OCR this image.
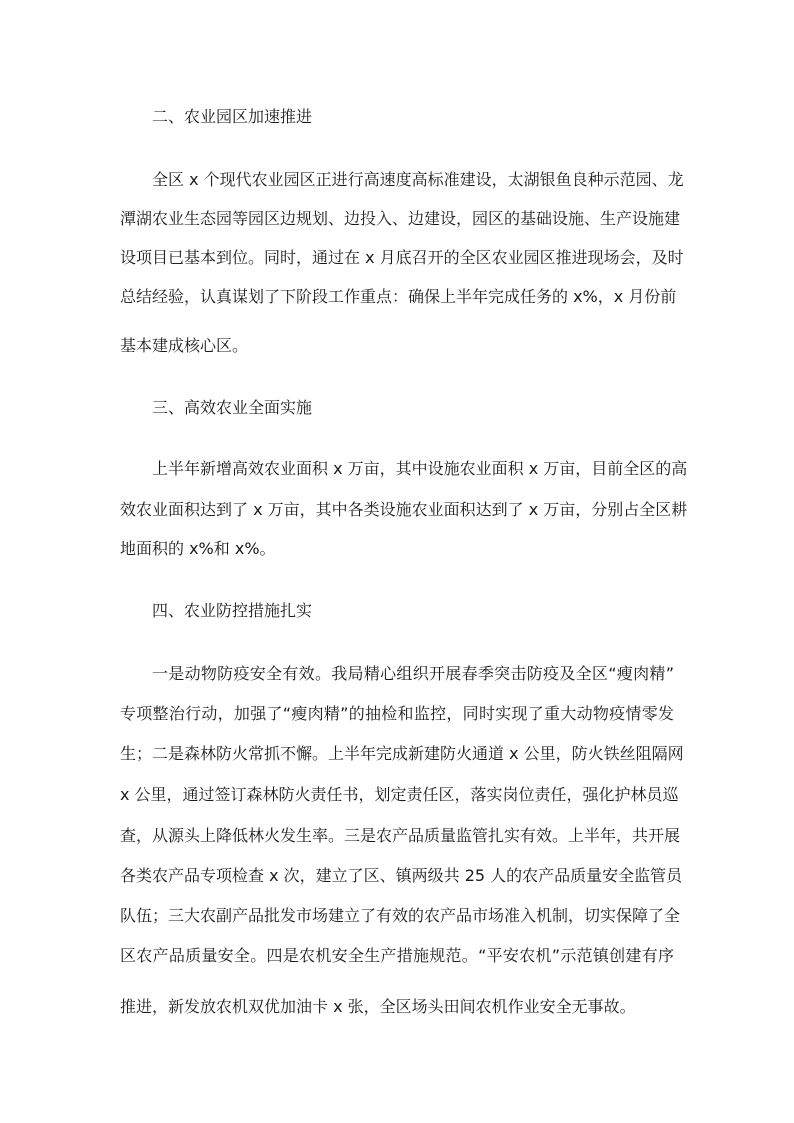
二、农业园区加速推进
全区 x 个现代农业园区正进行高速度高标准建设，太湖银鱼良种示范园、龙
潭湖农业生态园等园区边规划、边投入、边建设，园区的基础设施、生产设施建
设项目已基本到位。同时，通过在 x 月底召开的全区农业园区推进现场会，及时
总结经验，认真谋划了下阶段工作重点：确保上半年完成任务的 x%，x 月份前
基本建成核心区。
三、高效农业全面实施
上半年新增高效农业面积 x 万亩，其中设施农业面积 x 万亩，目前全区的高
效农业面积达到了 x 万亩，其中各类设施农业面积达到了 x 万亩，分别占全区耕
地面积的 x%和 x%。
四、农业防控措施扎实
一是动物防疫安全有效。我局精心组织开展春季突击防疫及全区“瘦肉精”
专项整治行动，加强了“瘦肉精”的抽检和监控，同时实现了重大动物疫情零发
生；二是森林防火常抓不懈。上半年完成新建防火通道 x 公里，防火铁丝阻隔网
x 公里，通过签订森林防火责任书，划定责任区，落实岗位责任，强化护林员巡
查，从源头上降低林火发生率。三是农产品质量监管扎实有效。上半年，共开展
各类农产品专项检查 x 次，建立了区、镇两级共 25 人的农产品质量安全监管员
队伍；三大农副产品批发市场建立了有效的农产品市场准入机制，切实保障了全
区农产品质量安全。四是农机安全生产措施规范。“平安农机”示范镇创建有序
推进，新发放农机双优加油卡 x 张，全区场头田间农机作业安全无事故。
